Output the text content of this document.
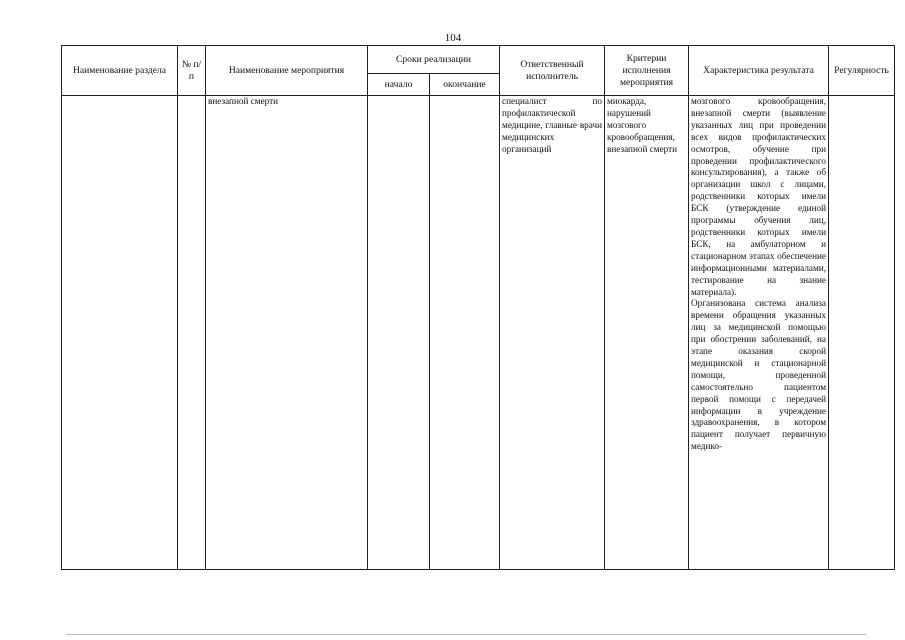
104
Наименование раздела	№ п/п	Наименование мероприятия	Сроки реализации		Ответственный исполнитель	Критерии исполнения мероприятия	Характеристика результата	Регулярность
			начало	окончание				
		внезапной смерти			специалист по профилактической медицине, главные врачи медицинских организаций	миокарда, нарушений мозгового кровообращения, внезапной смерти	мозгового кровообращения, внезапной смерти (выявление указанных лиц при проведении всех видов профилактических осмотров, обучение при проведении профилактического консультирования), а также об организации школ с лицами, родственники которых имели БСК (утверждение единой программы обучения лиц, родственники которых имели БСК, на амбулаторном и стационарном этапах обеспечение информационными материалами, тестирование на знание материала).
Организована система анализа времени обращения указанных лиц за медицинской помощью при обострении заболеваний, на этапе оказания скорой медицинской и стационарной помощи, проведенной самостоятельно пациентом первой помощи с передачей информации в учреждение здравоохранения, в котором пациент получает первичную медико-	
